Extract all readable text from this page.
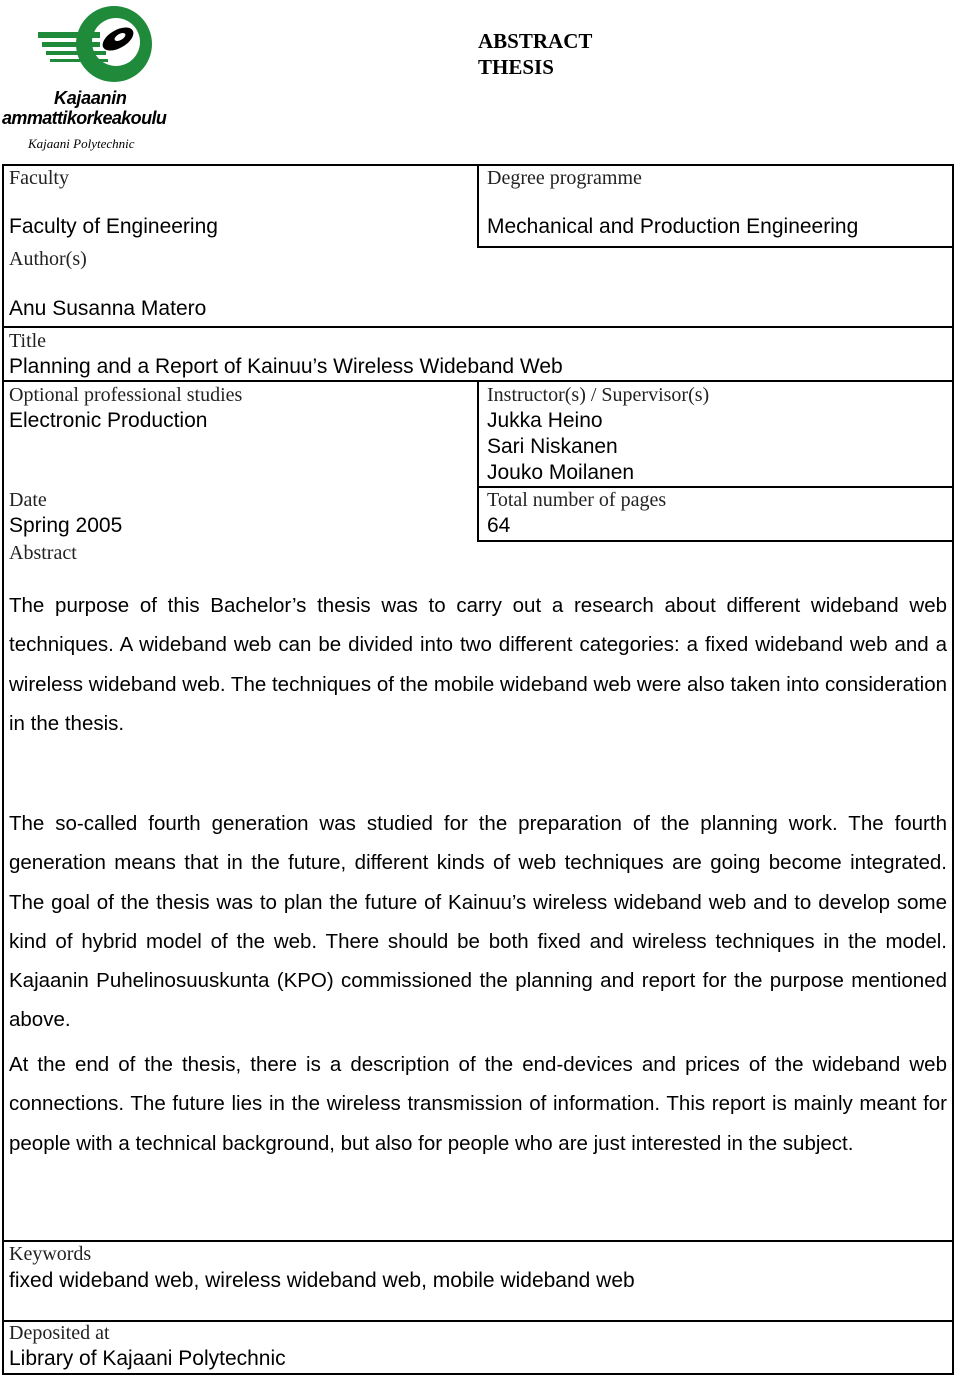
Kajaanin
ammattikorkeakoulu
Kajaani Polytechnic
ABSTRACT
THESIS
Faculty
Faculty of Engineering
Degree programme
Mechanical and Production Engineering
Author(s)
Anu Susanna Matero
Title
Planning and a Report of Kainuu’s Wireless Wideband Web
Optional professional studies
Electronic Production
Instructor(s) / Supervisor(s)
Jukka Heino
Sari Niskanen
Jouko Moilanen
Date
Spring 2005
Total number of pages
64
Abstract
The purpose of this Bachelor’s thesis was to carry out a research about different wideband web techniques. A wideband web can be divided into two different categories: a fixed wideband web and a wireless wideband web. The techniques of the mobile wideband web were also taken into consideration in the thesis.
The so-called fourth generation was studied for the preparation of the planning work. The fourth generation means that in the future, different kinds of web techniques are going become integrated. The goal of the thesis was to plan the future of Kainuu’s wireless wideband web and to develop some kind of hybrid model of the web. There should be both fixed and wireless techniques in the model. Kajaanin Puhelinosuuskunta (KPO) commissioned the planning and report for the purpose mentioned above.
At the end of the thesis, there is a description of the end-devices and prices of the wideband web connections. The future lies in the wireless transmission of information. This report is mainly meant for people with a technical background, but also for people who are just interested in the subject.
Keywords
fixed wideband web, wireless wideband web, mobile wideband web
Deposited at
Library of Kajaani Polytechnic
